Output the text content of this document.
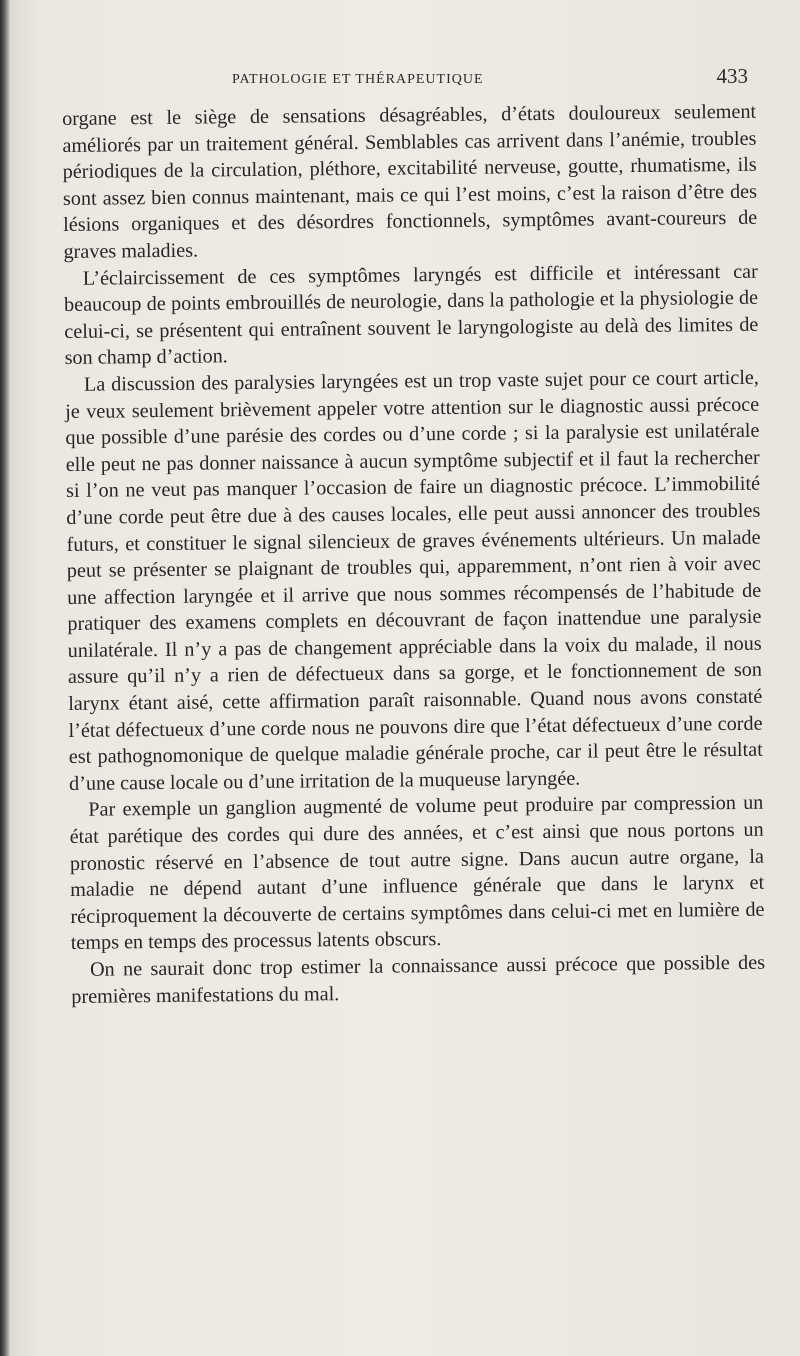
PATHOLOGIE ET THÉRAPEUTIQUE	433

organe est le siège de sensations désagréables, d’états douloureux seulement améliorés par un traitement général. Semblables cas arrivent dans l’anémie, troubles périodiques de la circulation, pléthore, excitabilité nerveuse, goutte, rhumatisme, ils sont assez bien connus maintenant, mais ce qui l’est moins, c’est la raison d’être des lésions organiques et des désordres fonctionnels, symptômes avant-coureurs de graves maladies.

L’éclaircissement de ces symptômes laryngés est difficile et intéressant car beaucoup de points embrouillés de neurologie, dans la pathologie et la physiologie de celui-ci, se présentent qui entraînent souvent le laryngologiste au delà des limites de son champ d’action.

La discussion des paralysies laryngées est un trop vaste sujet pour ce court article, je veux seulement brièvement appeler votre attention sur le diagnostic aussi précoce que possible d’une parésie des cordes ou d’une corde ; si la paralysie est unilatérale elle peut ne pas donner naissance à aucun symptôme subjectif et il faut la rechercher si l’on ne veut pas manquer l’occasion de faire un diagnostic précoce. L’immobilité d’une corde peut être due à des causes locales, elle peut aussi annoncer des troubles futurs, et constituer le signal silencieux de graves événements ultérieurs. Un malade peut se présenter se plaignant de troubles qui, apparemment, n’ont rien à voir avec une affection laryngée et il arrive que nous sommes récompensés de l’habitude de pratiquer des examens complets en découvrant de façon inattendue une paralysie unilatérale. Il n’y a pas de changement appréciable dans la voix du malade, il nous assure qu’il n’y a rien de défectueux dans sa gorge, et le fonctionnement de son larynx étant aisé, cette affirmation paraît raisonnable. Quand nous avons constaté l’état défectueux d’une corde nous ne pouvons dire que l’état défectueux d’une corde est pathognomonique de quelque maladie générale proche, car il peut être le résultat d’une cause locale ou d’une irritation de la muqueuse laryngée.

Par exemple un ganglion augmenté de volume peut produire par compression un état parétique des cordes qui dure des années, et c’est ainsi que nous portons un pronostic réservé en l’absence de tout autre signe. Dans aucun autre organe, la maladie ne dépend autant d’une influence générale que dans le larynx et réciproquement la découverte de certains symptômes dans celui-ci met en lumière de temps en temps des processus latents obscurs.

On ne saurait donc trop estimer la connaissance aussi précoce que possible des premières manifestations du mal.
